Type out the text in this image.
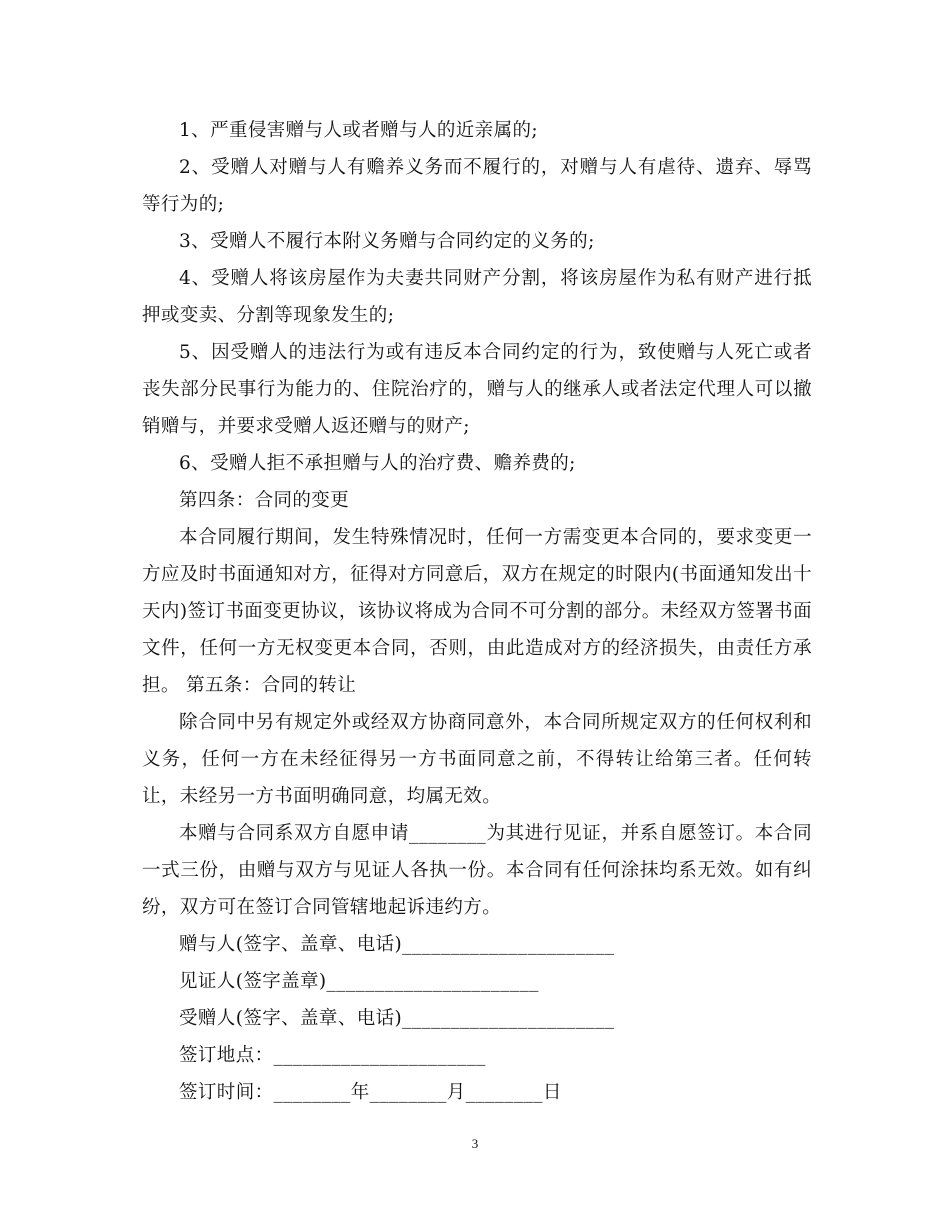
1、严重侵害赠与人或者赠与人的近亲属的;

2、受赠人对赠与人有赡养义务而不履行的，对赠与人有虐待、遗弃、辱骂等行为的;

3、受赠人不履行本附义务赠与合同约定的义务的;

4、受赠人将该房屋作为夫妻共同财产分割，将该房屋作为私有财产进行抵押或变卖、分割等现象发生的;

5、因受赠人的违法行为或有违反本合同约定的行为，致使赠与人死亡或者丧失部分民事行为能力的、住院治疗的，赠与人的继承人或者法定代理人可以撤销赠与，并要求受赠人返还赠与的财产;

6、受赠人拒不承担赠与人的治疗费、赡养费的;

第四条：合同的变更

本合同履行期间，发生特殊情况时，任何一方需变更本合同的，要求变更一方应及时书面通知对方，征得对方同意后，双方在规定的时限内(书面通知发出十天内)签订书面变更协议，该协议将成为合同不可分割的部分。未经双方签署书面文件，任何一方无权变更本合同，否则，由此造成对方的经济损失，由责任方承担。 第五条：合同的转让

除合同中另有规定外或经双方协商同意外，本合同所规定双方的任何权利和义务，任何一方在未经征得另一方书面同意之前，不得转让给第三者。任何转让，未经另一方书面明确同意，均属无效。

本赠与合同系双方自愿申请________为其进行见证，并系自愿签订。本合同一式三份，由赠与双方与见证人各执一份。本合同有任何涂抹均系无效。如有纠纷，双方可在签订合同管辖地起诉违约方。

赠与人(签字、盖章、电话)______________________

见证人(签字盖章)______________________

受赠人(签字、盖章、电话)______________________

签订地点：______________________

签订时间：________年________月________日

3
